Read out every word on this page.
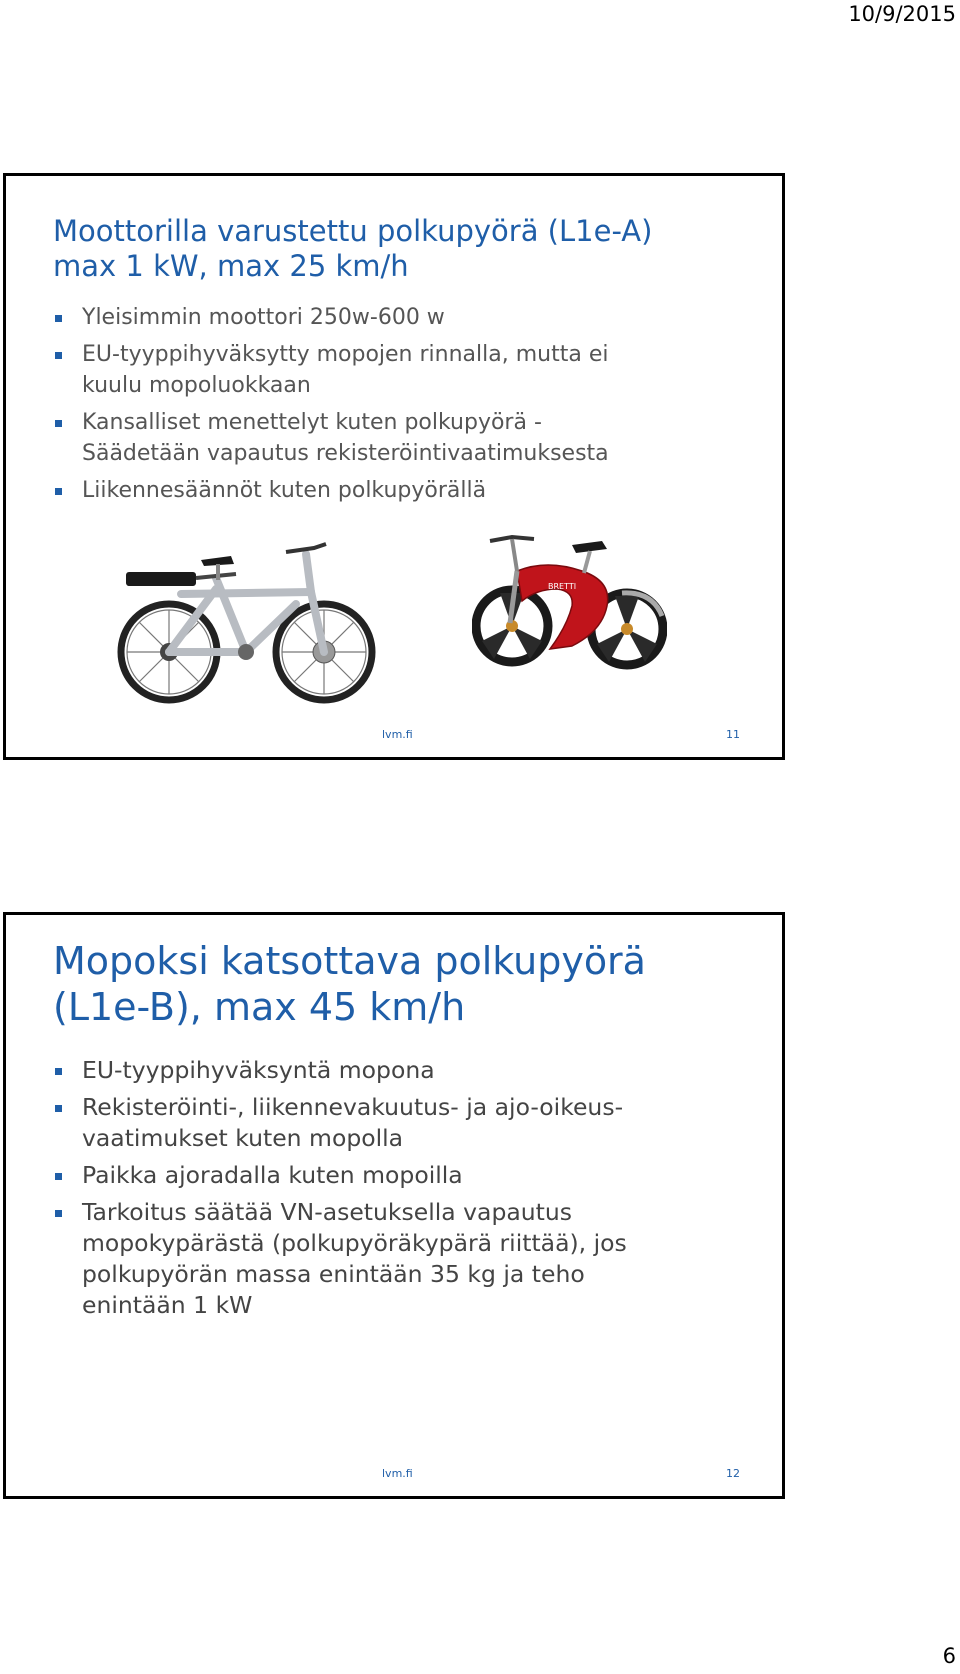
10/9/2015
Moottorilla varustettu polkupyörä (L1e-A)
max 1 kW, max 25 km/h
Yleisimmin moottori 250w-600 w
EU-tyyppihyväksytty mopojen rinnalla, mutta ei
kuulu mopoluokkaan
Kansalliset menettelyt kuten polkupyörä -
Säädetään vapautus rekisteröintivaatimuksesta
Liikennesäännöt kuten polkupyörällä
BRETTI
lvm.fi	11
Mopoksi katsottava polkupyörä
(L1e-B), max 45 km/h
EU-tyyppihyväksyntä mopona
Rekisteröinti-, liikennevakuutus- ja ajo-oikeus-
vaatimukset kuten mopolla
Paikka ajoradalla kuten mopoilla
Tarkoitus säätää VN-asetuksella vapautus
mopokypärästä (polkupyöräkypärä riittää), jos
polkupyörän massa enintään 35 kg ja teho
enintään 1 kW
lvm.fi	12
6
